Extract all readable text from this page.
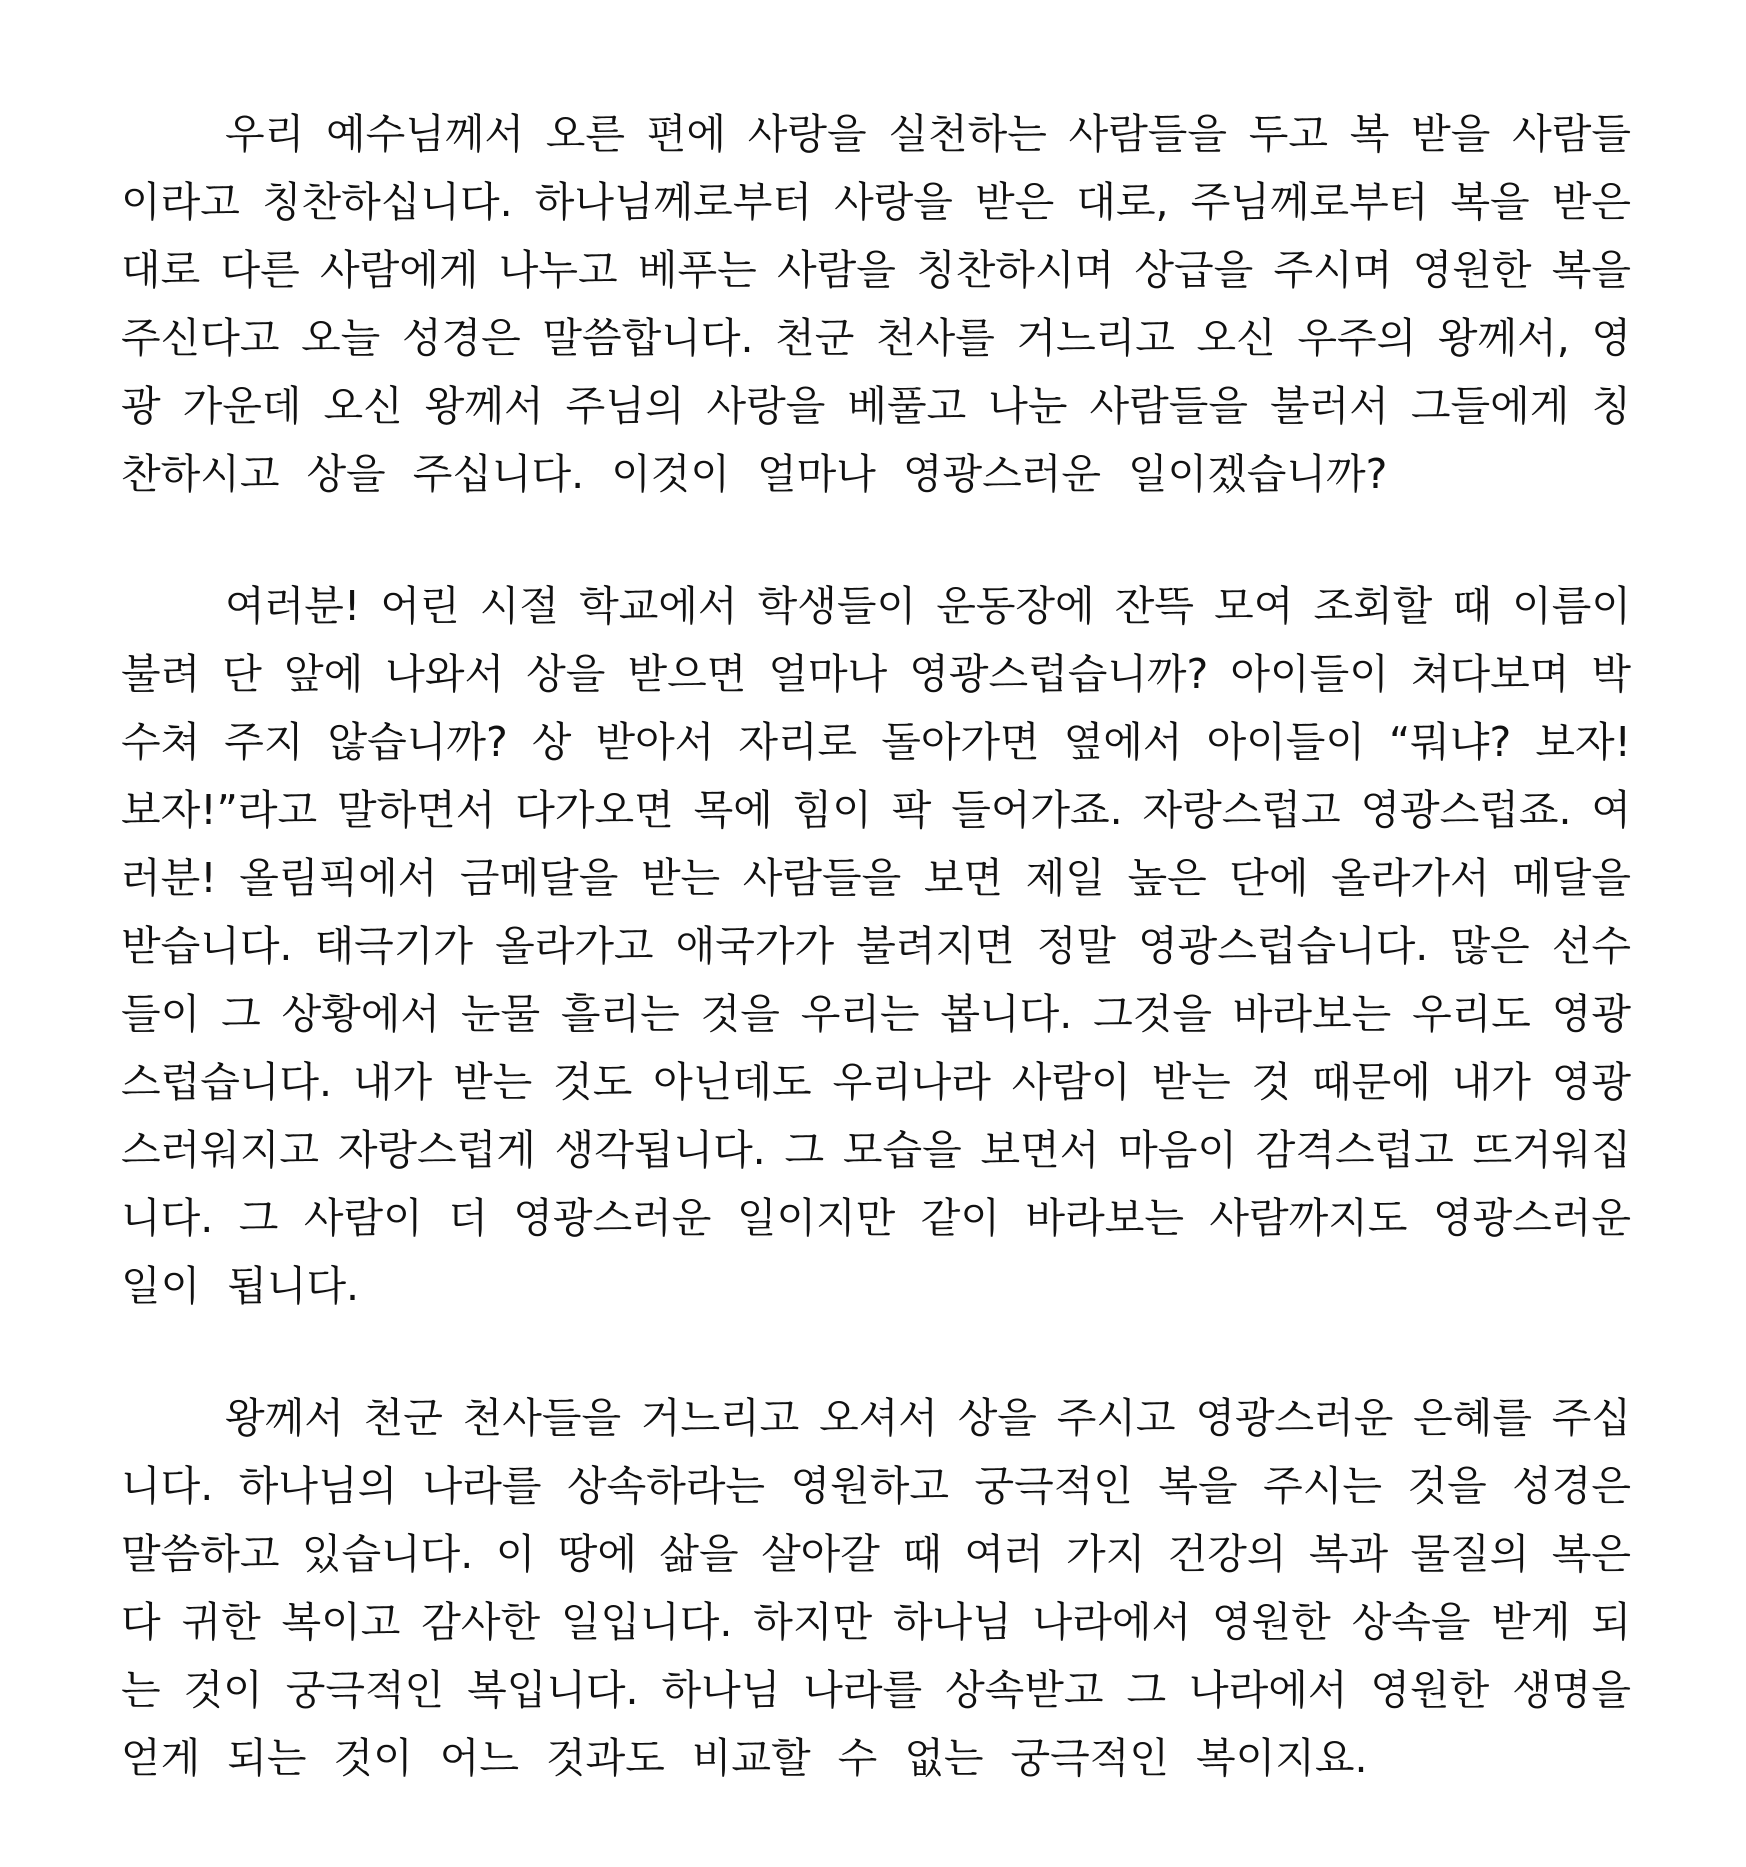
우리 예수님께서 오른 편에 사랑을 실천하는 사람들을 두고 복 받을 사람들
이라고 칭찬하십니다. 하나님께로부터 사랑을 받은 대로, 주님께로부터 복을 받은
대로 다른 사람에게 나누고 베푸는 사람을 칭찬하시며 상급을 주시며 영원한 복을
주신다고 오늘 성경은 말씀합니다. 천군 천사를 거느리고 오신 우주의 왕께서, 영
광 가운데 오신 왕께서 주님의 사랑을 베풀고 나눈 사람들을 불러서 그들에게 칭
찬하시고 상을 주십니다. 이것이 얼마나 영광스러운 일이겠습니까?
여러분! 어린 시절 학교에서 학생들이 운동장에 잔뜩 모여 조회할 때 이름이
불려 단 앞에 나와서 상을 받으면 얼마나 영광스럽습니까? 아이들이 쳐다보며 박
수쳐 주지 않습니까? 상 받아서 자리로 돌아가면 옆에서 아이들이 “뭐냐? 보자!
보자!”라고 말하면서 다가오면 목에 힘이 팍 들어가죠. 자랑스럽고 영광스럽죠. 여
러분! 올림픽에서 금메달을 받는 사람들을 보면 제일 높은 단에 올라가서 메달을
받습니다. 태극기가 올라가고 애국가가 불려지면 정말 영광스럽습니다. 많은 선수
들이 그 상황에서 눈물 흘리는 것을 우리는 봅니다. 그것을 바라보는 우리도 영광
스럽습니다. 내가 받는 것도 아닌데도 우리나라 사람이 받는 것 때문에 내가 영광
스러워지고 자랑스럽게 생각됩니다. 그 모습을 보면서 마음이 감격스럽고 뜨거워집
니다. 그 사람이 더 영광스러운 일이지만 같이 바라보는 사람까지도 영광스러운
일이 됩니다.
왕께서 천군 천사들을 거느리고 오셔서 상을 주시고 영광스러운 은혜를 주십
니다. 하나님의 나라를 상속하라는 영원하고 궁극적인 복을 주시는 것을 성경은
말씀하고 있습니다. 이 땅에 삶을 살아갈 때 여러 가지 건강의 복과 물질의 복은
다 귀한 복이고 감사한 일입니다. 하지만 하나님 나라에서 영원한 상속을 받게 되
는 것이 궁극적인 복입니다. 하나님 나라를 상속받고 그 나라에서 영원한 생명을
얻게 되는 것이 어느 것과도 비교할 수 없는 궁극적인 복이지요.
